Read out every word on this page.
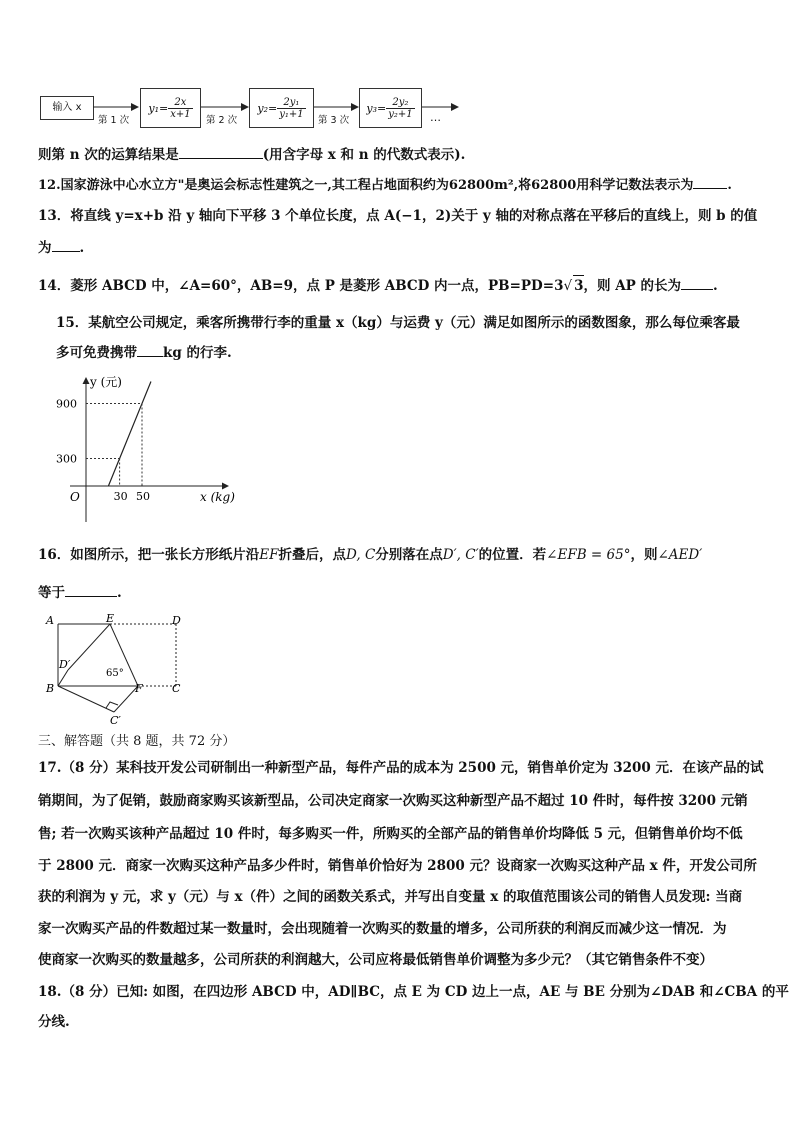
输入 x
第 1 次	第 2 次	第 3 次
$y_1= \frac{2x}{x+1}$	$y_2= \frac{\text{2y₁}}{\text{y₁+1}}$	$y_3= \frac{\text{2y₂}}{\text{y₂+1}}$ …
则第 n 次的运算结果是	(用含字母 x 和 n 的代数式表示).
12.国家游泳中心水立方"是奥运会标志性建筑之一,其工程占地面积约为62800m²,将62800用科学记数法表示为	.
13．将直线 y=x+b 沿 y 轴向下平移 3 个单位长度，点 A(−1，2)关于 y 轴的对称点落在平移后的直线上，则 b 的值
为 .
14．菱形 ABCD 中，∠A=60°，AB=9，点 P 是菱形 ABCD 内一点，PB=PD=3√ 3，则 AP 的长为 .
15．某航空公司规定，乘客所携带行李的重量 x（kg）与运费 y（元）满足如图所示的函数图象，那么每位乘客最
多可免费携带 kg 的行李.
30 50
900
300
y (元)
x (kg)
O
16．如图所示，把一张长方形纸片沿EF折叠后，点D, C分别落在点D′, C′的位置．若∠EFB = 65°，则∠AED′
等于	.
A	E	D
D′
65°
B	F	C
C′
三、解答题（共 8 题，共 72 分）
17.（8 分）某科技开发公司研制出一种新型产品，每件产品的成本为 2500 元，销售单价定为 3200 元．在该产品的试
销期间，为了促销，鼓励商家购买该新型品，公司决定商家一次购买这种新型产品不超过 10 件时，每件按 3200 元销
售; 若一次购买该种产品超过 10 件时，每多购买一件，所购买的全部产品的销售单价均降低 5 元，但销售单价均不低
于 2800 元．商家一次购买这种产品多少件时，销售单价恰好为 2800 元？设商家一次购买这种产品 x 件，开发公司所
获的利润为 y 元，求 y（元）与 x（件）之间的函数关系式，并写出自变量 x 的取值范围该公司的销售人员发现: 当商
家一次购买产品的件数超过某一数量时，会出现随着一次购买的数量的增多，公司所获的利润反而减少这一情况．为
使商家一次购买的数量越多，公司所获的利润越大，公司应将最低销售单价调整为多少元？（其它销售条件不变）
18.（8 分）已知: 如图，在四边形 ABCD 中，AD∥BC，点 E 为 CD 边上一点，AE 与 BE 分别为∠DAB 和∠CBA 的平
分线.
